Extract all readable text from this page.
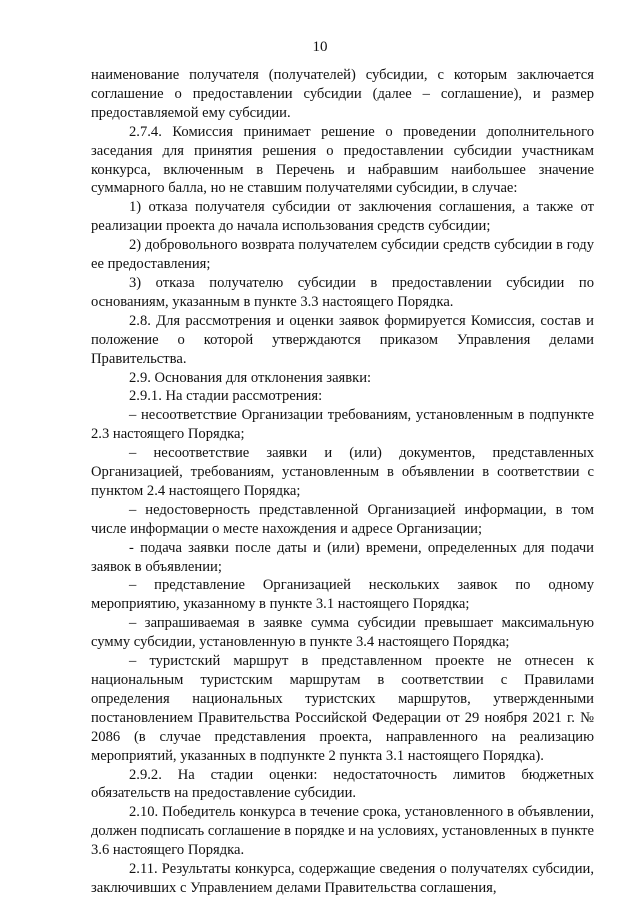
10

наименование получателя (получателей) субсидии, с которым заключается соглашение о предоставлении субсидии (далее – соглашение), и размер предоставляемой ему субсидии.

2.7.4. Комиссия принимает решение о проведении дополнительного заседания для принятия решения о предоставлении субсидии участникам конкурса, включенным в Перечень и набравшим наибольшее значение суммарного балла, но не ставшим получателями субсидии, в случае:

1) отказа получателя субсидии от заключения соглашения, а также от реализации проекта до начала использования средств субсидии;

2) добровольного возврата получателем субсидии средств субсидии в году ее предоставления;

3) отказа получателю субсидии в предоставлении субсидии по основаниям, указанным в пункте 3.3 настоящего Порядка.

2.8. Для рассмотрения и оценки заявок формируется Комиссия, состав и положение о которой утверждаются приказом Управления делами Правительства.

2.9. Основания для отклонения заявки:

2.9.1. На стадии рассмотрения:

– несоответствие Организации требованиям, установленным в подпункте 2.3 настоящего Порядка;

– несоответствие заявки и (или) документов, представленных Организацией, требованиям, установленным в объявлении в соответствии с пунктом 2.4 настоящего Порядка;

– недостоверность представленной Организацией информации, в том числе информации о месте нахождения и адресе Организации;

- подача заявки после даты и (или) времени, определенных для подачи заявок в объявлении;

– представление Организацией нескольких заявок по одному мероприятию, указанному в пункте 3.1 настоящего Порядка;

– запрашиваемая в заявке сумма субсидии превышает максимальную сумму субсидии, установленную в пункте 3.4 настоящего Порядка;

– туристский маршрут в представленном проекте не отнесен к национальным туристским маршрутам в соответствии с Правилами определения национальных туристских маршрутов, утвержденными постановлением Правительства Российской Федерации от 29 ноября 2021 г. № 2086 (в случае представления проекта, направленного на реализацию мероприятий, указанных в подпункте 2 пункта 3.1 настоящего Порядка).

2.9.2. На стадии оценки: недостаточность лимитов бюджетных обязательств на предоставление субсидии.

2.10. Победитель конкурса в течение срока, установленного в объявлении, должен подписать соглашение в порядке и на условиях, установленных в пункте 3.6 настоящего Порядка.

2.11. Результаты конкурса, содержащие сведения о получателях субсидии, заключивших с Управлением делами Правительства соглашения,
